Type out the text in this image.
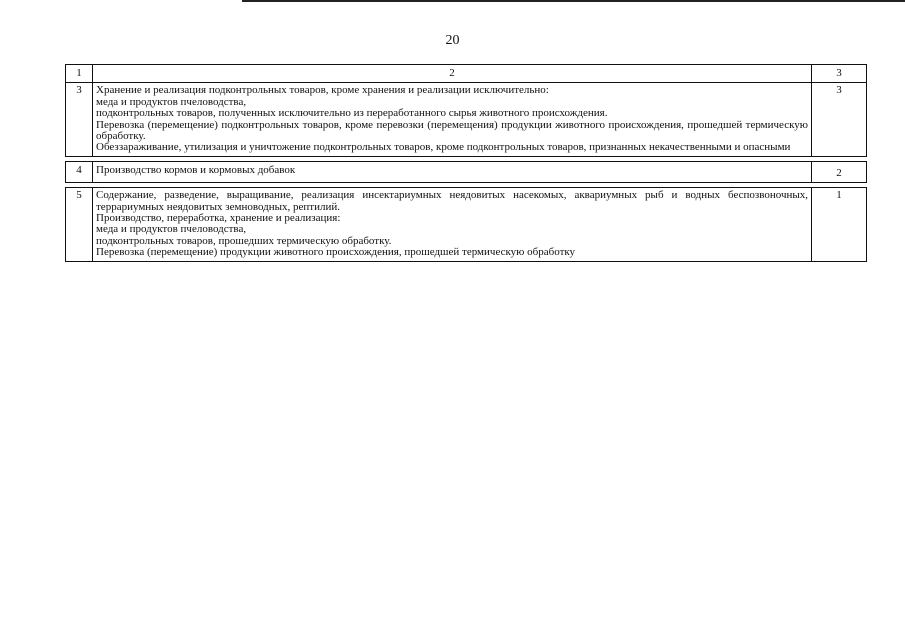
20
1	2	3
3	Хранение и реализация подконтрольных товаров, кроме хранения и реализации исключительно:
меда и продуктов пчеловодства,
подконтрольных товаров, полученных исключительно из переработанного сырья животного происхождения.
Перевозка (перемещение) подконтрольных товаров, кроме перевозки (перемещения) продукции животного происхождения, прошедшей термическую обработку.
Обеззараживание, утилизация и уничтожение подконтрольных товаров, кроме подконтрольных товаров, признанных некачественными и опасными	3

4	Производство кормов и кормовых добавок	2

5	Содержание, разведение, выращивание, реализация инсектариумных неядовитых насекомых, аквариумных рыб и водных беспозвоночных, террариумных неядовитых земноводных, рептилий.
Производство, переработка, хранение и реализация:
меда и продуктов пчеловодства,
подконтрольных товаров, прошедших термическую обработку.
Перевозка (перемещение) продукции животного происхождения, прошедшей термическую обработку	1
